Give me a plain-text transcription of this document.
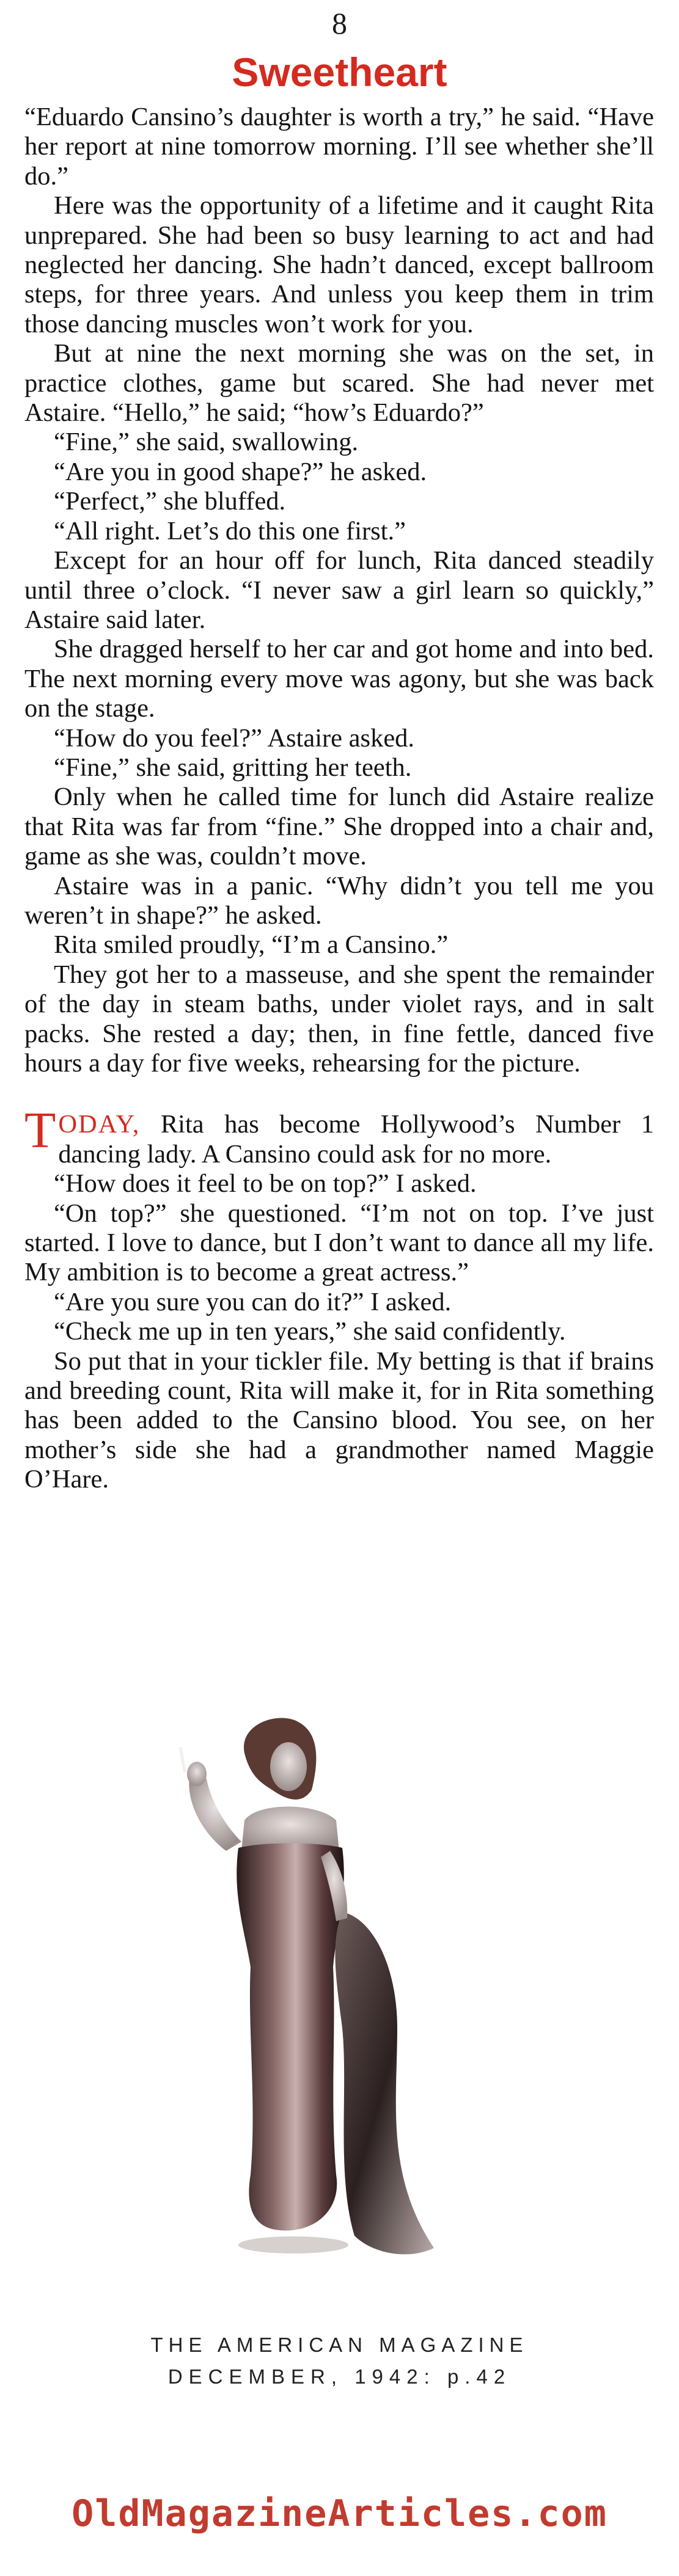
8
Sweetheart

“Eduardo Cansino’s daughter is worth a try,” he said. “Have her report at nine tomorrow morning. I’ll see whether she’ll do.”

Here was the opportunity of a lifetime and it caught Rita unprepared. She had been so busy learning to act and had neglected her dancing. She hadn’t danced, except ballroom steps, for three years. And unless you keep them in trim those dancing muscles won’t work for you.

But at nine the next morning she was on the set, in practice clothes, game but scared. She had never met Astaire. “Hello,” he said; “how’s Eduardo?”

“Fine,” she said, swallowing.

“Are you in good shape?” he asked.

“Perfect,” she bluffed.

“All right. Let’s do this one first.”

Except for an hour off for lunch, Rita danced steadily until three o’clock. “I never saw a girl learn so quickly,” Astaire said later.

She dragged herself to her car and got home and into bed. The next morning every move was agony, but she was back on the stage.

“How do you feel?” Astaire asked.

“Fine,” she said, gritting her teeth.

Only when he called time for lunch did Astaire realize that Rita was far from “fine.” She dropped into a chair and, game as she was, couldn’t move.

Astaire was in a panic. “Why didn’t you tell me you weren’t in shape?” he asked.

Rita smiled proudly, “I’m a Cansino.”

They got her to a masseuse, and she spent the remainder of the day in steam baths, under violet rays, and in salt packs. She rested a day; then, in fine fettle, danced five hours a day for five weeks, rehearsing for the picture.

TODAY, Rita has become Hollywood’s Number 1 dancing lady. A Cansino could ask for no more.

“How does it feel to be on top?” I asked.

“On top?” she questioned. “I’m not on top. I’ve just started. I love to dance, but I don’t want to dance all my life. My ambition is to become a great actress.”

“Are you sure you can do it?” I asked.

“Check me up in ten years,” she said confidently.

So put that in your tickler file. My betting is that if brains and breeding count, Rita will make it, for in Rita something has been added to the Cansino blood. You see, on her mother’s side she had a grandmother named Maggie O’Hare.

THE AMERICAN MAGAZINE
DECEMBER, 1942: p.42
OldMagazineArticles.com
